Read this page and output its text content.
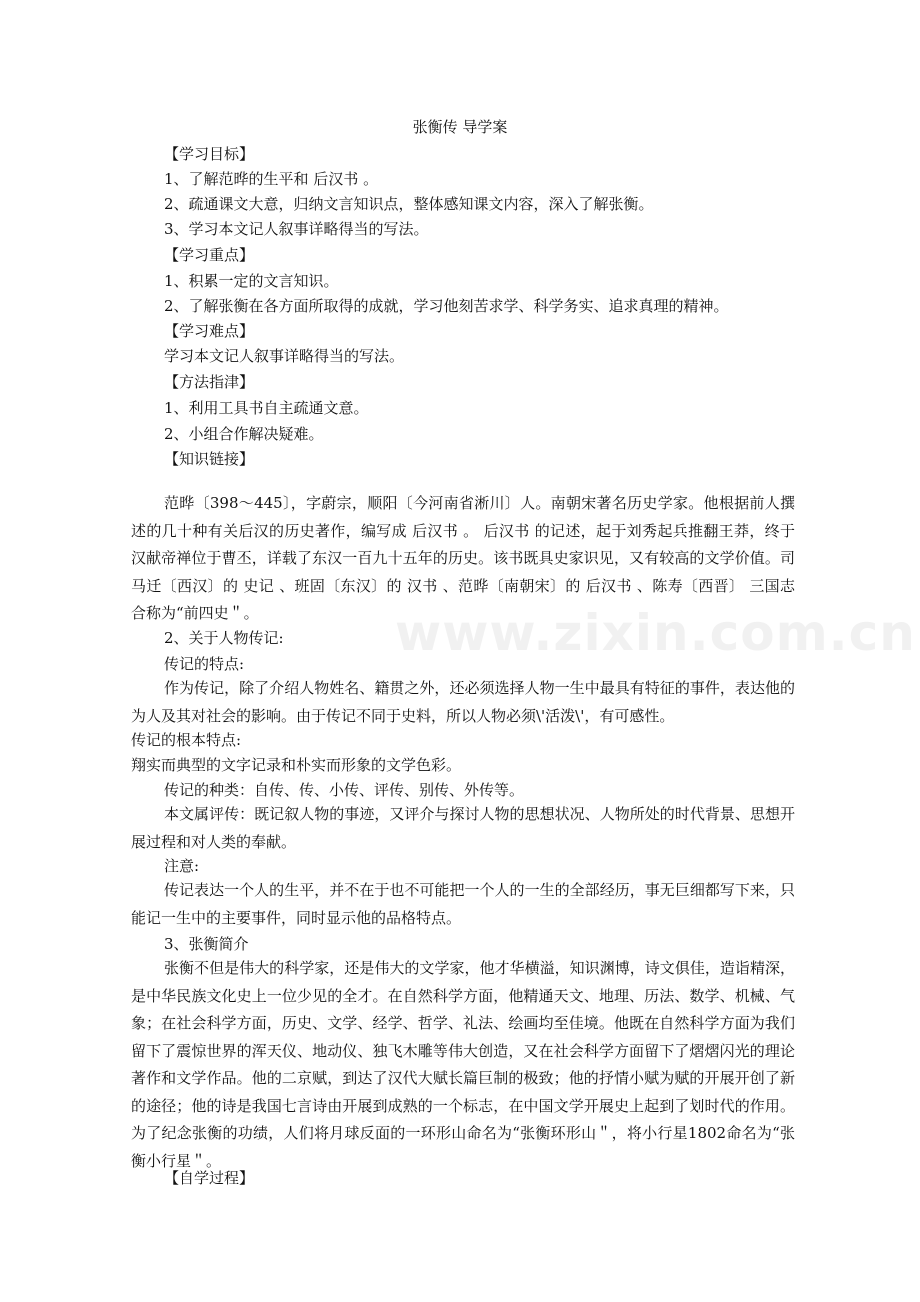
张衡传 导学案
【学习目标】
1、了解范晔的生平和 后汉书 。
2、疏通课文大意，归纳文言知识点，整体感知课文内容，深入了解张衡。
3、学习本文记人叙事详略得当的写法。
【学习重点】
1、积累一定的文言知识。
2、了解张衡在各方面所取得的成就，学习他刻苦求学、科学务实、追求真理的精神。
【学习难点】
学习本文记人叙事详略得当的写法。
【方法指津】
1、利用工具书自主疏通文意。
2、小组合作解决疑难。
【知识链接】

范晔〔398～445〕，字蔚宗，顺阳〔今河南省淅川〕人。南朝宋著名历史学家。他根据前人撰述的几十种有关后汉的历史著作，编写成 后汉书 。 后汉书 的记述，起于刘秀起兵推翻王莽，终于汉献帝禅位于曹丕，详载了东汉一百九十五年的历史。该书既具史家识见，又有较高的文学价值。司马迁〔西汉〕的 史记 、班固〔东汉〕的 汉书 、范晔〔南朝宋〕的 后汉书 、陈寿〔西晋〕 三国志 合称为“前四史＂。

2、关于人物传记:
传记的特点:

作为传记，除了介绍人物姓名、籍贯之外，还必须选择人物一生中最具有特征的事件，表达他的为人及其对社会的影响。由于传记不同于史料，所以人物必须\'活泼\'，有可感性。

传记的根本特点:

翔实而典型的文字记录和朴实而形象的文学色彩。

传记的种类：自传、传、小传、评传、别传、外传等。

本文属评传：既记叙人物的事迹，又评介与探讨人物的思想状况、人物所处的时代背景、思想开展过程和对人类的奉献。

注意:

传记表达一个人的生平，并不在于也不可能把一个人的一生的全部经历，事无巨细都写下来，只能记一生中的主要事件，同时显示他的品格特点。

3、张衡简介

张衡不但是伟大的科学家，还是伟大的文学家，他才华横溢，知识渊博，诗文俱佳，造诣精深，是中华民族文化史上一位少见的全才。在自然科学方面，他精通天文、地理、历法、数学、机械、气象；在社会科学方面，历史、文学、经学、哲学、礼法、绘画均至佳境。他既在自然科学方面为我们留下了震惊世界的浑天仪、地动仪、独飞木雕等伟大创造，又在社会科学方面留下了熠熠闪光的理论著作和文学作品。他的二京赋，到达了汉代大赋长篇巨制的极致；他的抒情小赋为赋的开展开创了新的途径；他的诗是我国七言诗由开展到成熟的一个标志，在中国文学开展史上起到了划时代的作用。为了纪念张衡的功绩，人们将月球反面的一环形山命名为“张衡环形山＂，将小行星1802命名为“张衡小行星＂。

【自学过程】
www.zixin.com.cn
